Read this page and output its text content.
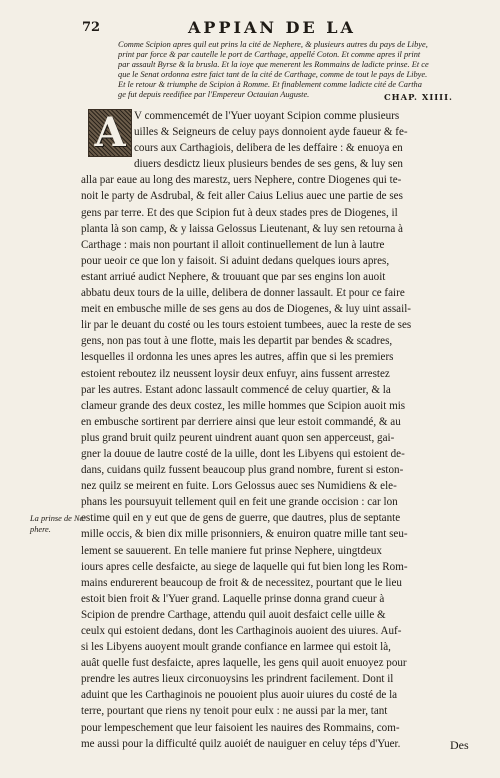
72	APPIAN DE LA
Comme Scipion apres quil eut prins la cité de Nephere, & plusieurs autres du pays de Libye,
print par force & par cautelle le port de Carthage, appellé Coton. Et comme apres il print
par assault Byrse & la brusla. Et la ioye que menerent les Rommains de ladicte prinse. Et ce
que le Senat ordonna estre faict tant de la cité de Carthage, comme de tout le pays de Libye.
Et le retour & triumphe de Scipion à Romme. Et finablement comme ladicte cité de Cartha
ge fut depuis reedifiee par l'Empereur Octauian Auguste.	CHAP. XIIII.
A V commencemét de l'Yuer uoyant Scipion comme plusieurs
uilles & Seigneurs de celuy pays donnoient ayde faueur & fe-
cours aux Carthagiois, delibera de les deffaire : & enuoya en
diuers desdictz lieux plusieurs bendes de ses gens, & luy sen
alla par eaue au long des marestz, uers Nephere, contre Diogenes qui te-
noit le party de Asdrubal, & feit aller Caius Lelius auec une partie de ses
gens par terre. Et des que Scipion fut à deux stades pres de Diogenes, il
planta là son camp, & y laissa Gelossus Lieutenant, & luy sen retourna à
Carthage : mais non pourtant il alloit continuellement de lun à lautre
pour ueoir ce que lon y faisoit. Si aduint dedans quelques iours apres,
estant arriué audict Nephere, & trouuant que par ses engins lon auoit
abbatu deux tours de la uille, delibera de donner lassault. Et pour ce faire
meit en embusche mille de ses gens au dos de Diogenes, & luy uint assail-
lir par le deuant du costé ou les tours estoient tumbees, auec la reste de ses
gens, non pas tout à une flotte, mais les departit par bendes & scadres,
lesquelles il ordonna les unes apres les autres, affin que si les premiers
estoient reboutez ilz neussent loysir deux enfuyr, ains fussent arrestez
par les autres. Estant adonc lassault commencé de celuy quartier, & la
clameur grande des deux costez, les mille hommes que Scipion auoit mis
en embusche sortirent par derriere ainsi que leur estoit commandé, & au
plus grand bruit quilz peurent uindrent auant quon sen apperceust, gai-
gner la douue de lautre costé de la uille, dont les Libyens qui estoient de-
dans, cuidans quilz fussent beaucoup plus grand nombre, furent si eston-
nez quilz se meirent en fuite. Lors Gelossus auec ses Numidiens & ele-
phans les poursuyuit tellement quil en feit une grande occision : car lon
estime quil en y eut que de gens de guerre, que dautres, plus de septante
mille occis, & bien dix mille prisonniers, & enuiron quatre mille tant seu-
lement se sauuerent. En telle maniere fut prinse Nephere, uingtdeux
iours apres celle desfaicte, au siege de laquelle qui fut bien long les Rom-
mains endurerent beaucoup de froit & de necessitez, pourtant que le lieu
estoit bien froit & l'Yuer grand. Laquelle prinse donna grand cueur à
Scipion de prendre Carthage, attendu quil auoit desfaict celle uille &
ceulx qui estoient dedans, dont les Carthaginois auoient des uiures. Auf-
si les Libyens auoyent moult grande confiance en larmee qui estoit là,
auât quelle fust desfaicte, apres laquelle, les gens quil auoit enuoyez pour
prendre les autres lieux circonuoysins les prindrent facilement. Dont il
aduint que les Carthaginois ne pouoient plus auoir uiures du costé de la
terre, pourtant que riens ny tenoit pour eulx : ne aussi par la mer, tant
pour lempeschement que leur faisoient les nauires des Rommains, com-
me aussi pour la difficulté quilz auoiét de nauiguer en celuy téps d'Yuer.
La prinse de Ne-phere.
Des
